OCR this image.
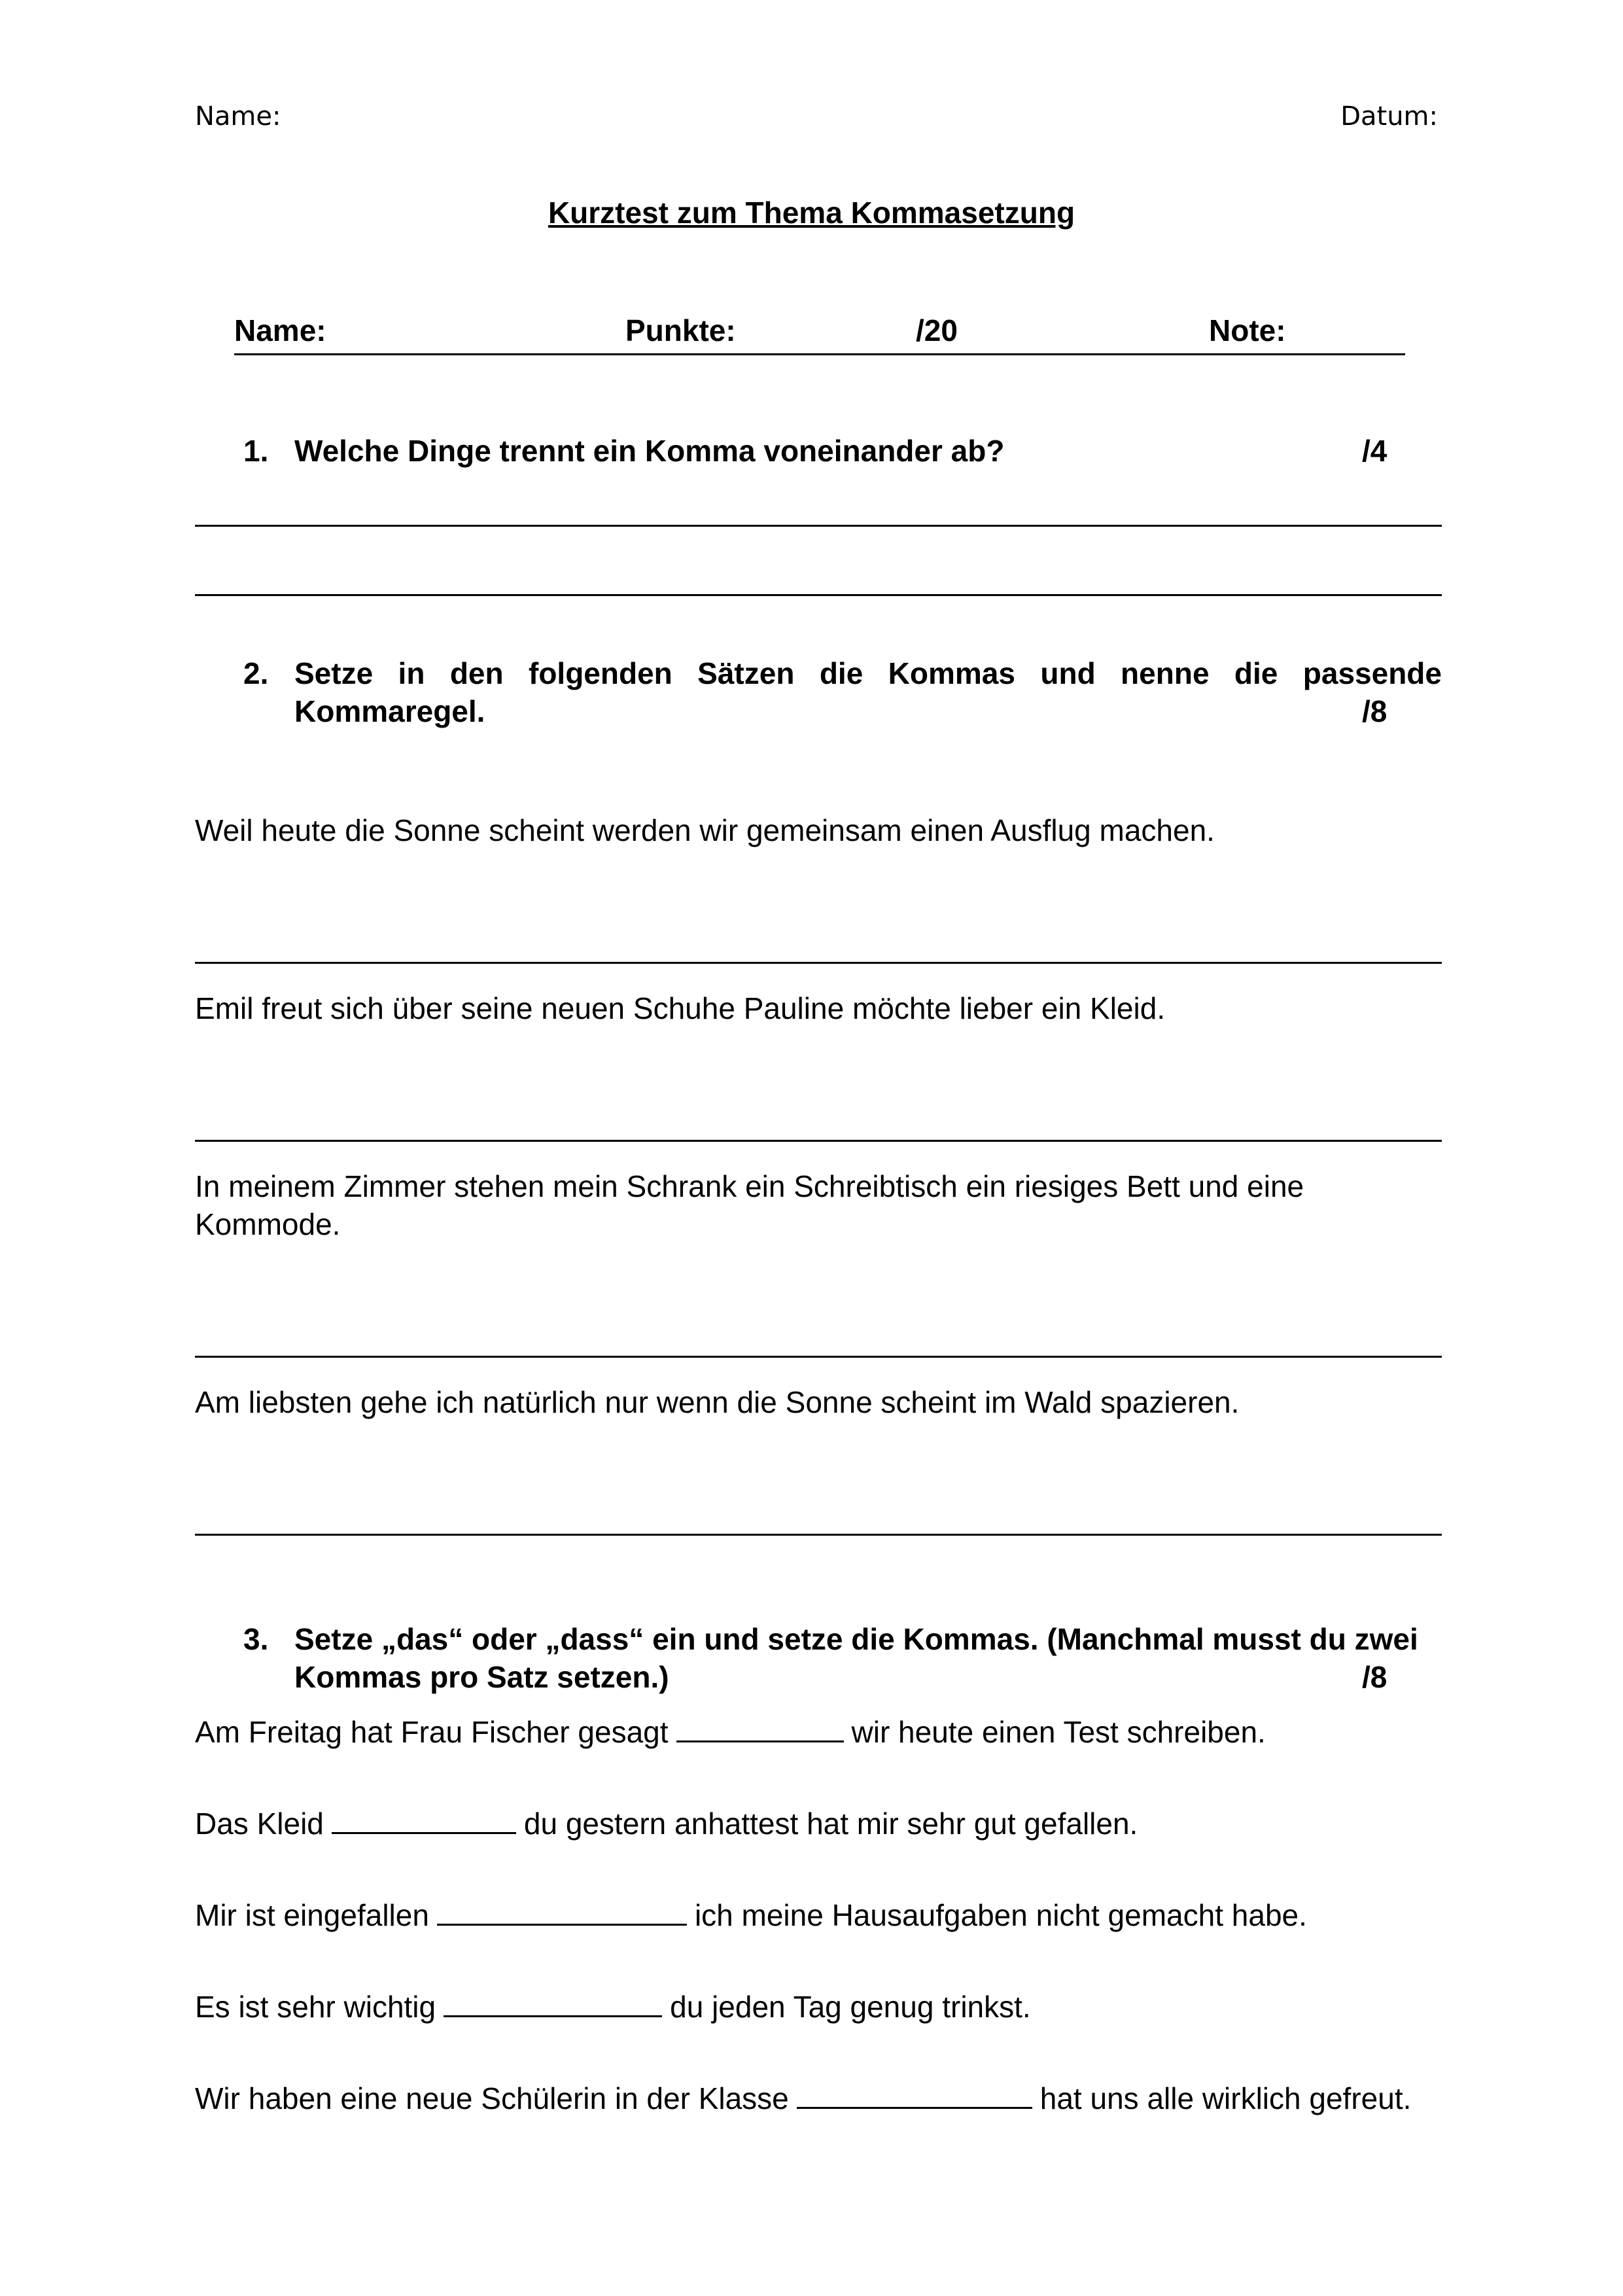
Name:	Datum:
Kurztest zum Thema Kommasetzung
Name:	Punkte:	/20	Note:
1. Welche Dinge trennt ein Komma voneinander ab?	/4
2. Setze in den folgenden Sätzen die Kommas und nenne die passende
Kommaregel.	/8
Weil heute die Sonne scheint werden wir gemeinsam einen Ausflug machen.
Emil freut sich über seine neuen Schuhe Pauline möchte lieber ein Kleid.
In meinem Zimmer stehen mein Schrank ein Schreibtisch ein riesiges Bett und eine
Kommode.
Am liebsten gehe ich natürlich nur wenn die Sonne scheint im Wald spazieren.
3. Setze „das“ oder „dass“ ein und setze die Kommas. (Manchmal musst du zwei
Kommas pro Satz setzen.)	/8
Am Freitag hat Frau Fischer gesagt	wir heute einen Test schreiben.
Das Kleid	du gestern anhattest hat mir sehr gut gefallen.
Mir ist eingefallen	ich meine Hausaufgaben nicht gemacht habe.
Es ist sehr wichtig	du jeden Tag genug trinkst.
Wir haben eine neue Schülerin in der Klasse	hat uns alle wirklich gefreut.
